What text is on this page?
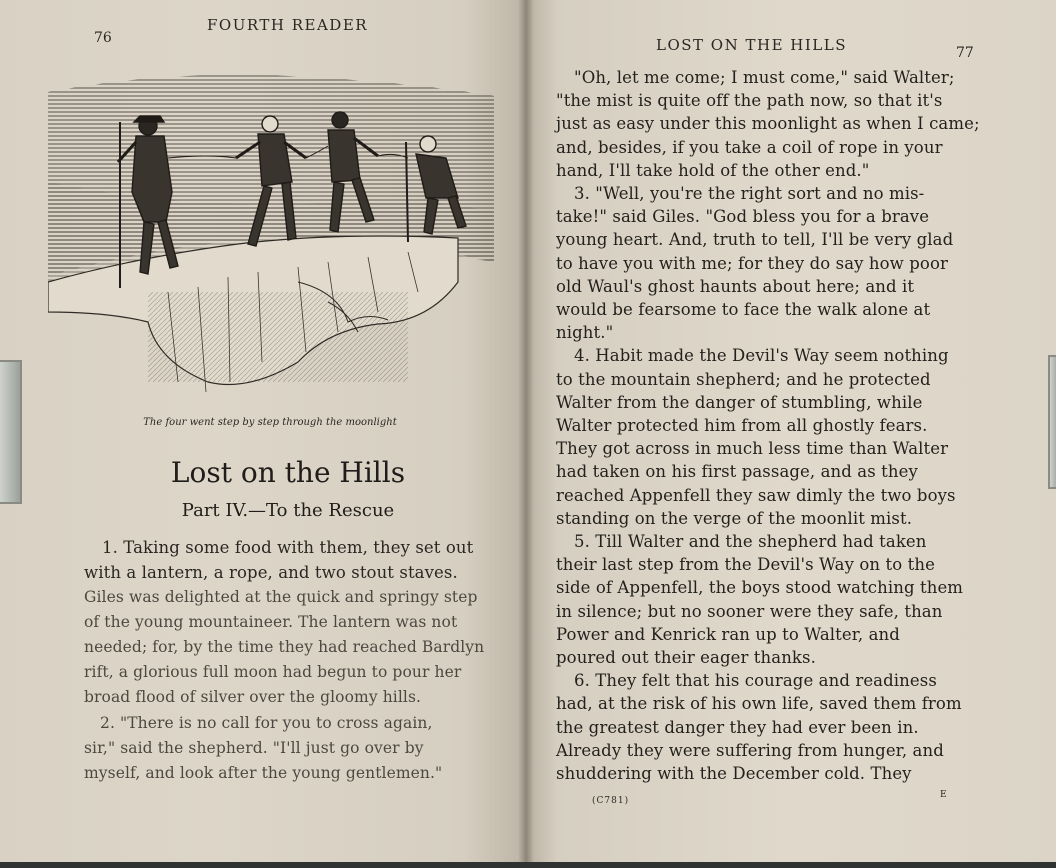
FOURTH READER
76
The four went step by step through the moonlight
Lost on the Hills
Part IV.—To the Rescue
1. Taking some food with them, they set out
with a lantern, a rope, and two stout staves.
Giles was delighted at the quick and springy step
of the young mountaineer. The lantern was not
needed; for, by the time they had reached Bardlyn
rift, a glorious full moon had begun to pour her
broad flood of silver over the gloomy hills.
2. "There is no call for you to cross again,
sir," said the shepherd. "I'll just go over by
myself, and look after the young gentlemen."
LOST ON THE HILLS	77
"Oh, let me come; I must come," said Walter;
"the mist is quite off the path now, so that it's
just as easy under this moonlight as when I came;
and, besides, if you take a coil of rope in your
hand, I'll take hold of the other end."
3. "Well, you're the right sort and no mis-
take!" said Giles. "God bless you for a brave
young heart. And, truth to tell, I'll be very glad
to have you with me; for they do say how poor
old Waul's ghost haunts about here; and it
would be fearsome to face the walk alone at
night."
4. Habit made the Devil's Way seem nothing
to the mountain shepherd; and he protected
Walter from the danger of stumbling, while
Walter protected him from all ghostly fears.
They got across in much less time than Walter
had taken on his first passage, and as they
reached Appenfell they saw dimly the two boys
standing on the verge of the moonlit mist.
5. Till Walter and the shepherd had taken
their last step from the Devil's Way on to the
side of Appenfell, the boys stood watching them
in silence; but no sooner were they safe, than
Power and Kenrick ran up to Walter, and
poured out their eager thanks.
6. They felt that his courage and readiness
had, at the risk of his own life, saved them from
the greatest danger they had ever been in.
Already they were suffering from hunger, and
shuddering with the December cold. They
(C781)
E
